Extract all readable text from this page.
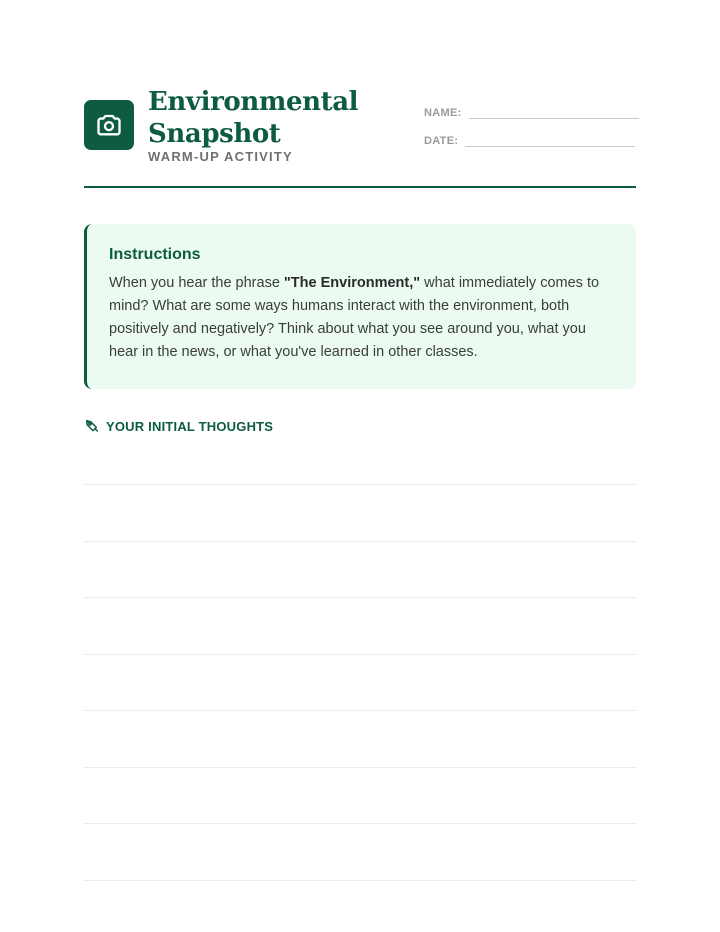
Environmental
Snapshot
WARM-UP ACTIVITY
NAME:
DATE:
Instructions

When you hear the phrase "The Environment," what immediately comes to mind? What are some ways humans interact with the environment, both positively and negatively? Think about what you see around you, what you hear in the news, or what you've learned in other classes.

YOUR INITIAL THOUGHTS
